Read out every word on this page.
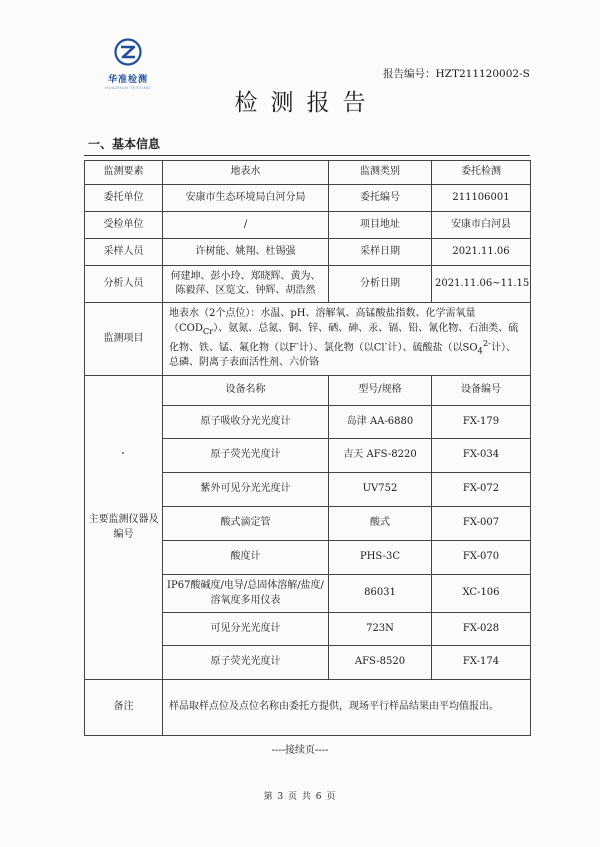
华准检测
HUAZHUN TESTING
报告编号：HZT211120002-S
检测报告
一、基本信息
监测要素	地表水	监测类别	委托检测
委托单位	安康市生态环境局白河分局	委托编号	211106001
受检单位	/	项目地址	安康市白河县
采样人员	许树能、姚翔、杜锡强	采样日期	2021.11.06
分析人员	何建坤、彭小玲、郑晓辉、黄为、陈毅萍、区览文、钟辉、胡浩然	分析日期	2021.11.06~11.15
监测项目	地表水（2个点位）：水温、pH、溶解氧、高锰酸盐指数、化学需氧量$(COD_{Cr})$、氨氮、总氮、铜、锌、硒、砷、汞、镉、铅、氰化物、石油类、硫化物、铁、锰、氟化物（以F-计）、氯化物（以Cl-计）、硫酸盐（以$SO_4^{2-}$计）、总磷、阴离子表面活性剂、六价铬		
主要监测仪器及编号	设备名称	型号/规格	设备编号
	原子吸收分光光度计	岛津 AA-6880	FX-179
	原子荧光光度计	吉天 AFS-8220	FX-034
	紫外可见分光光度计	UV752	FX-072
	酸式滴定管	酸式	FX-007
	酸度计	PHS-3C	FX-070
	IP67酸碱度/电导/总固体溶解/盐度/溶氧度多用仪表	86031	XC-106
	可见分光光度计	723N	FX-028
	原子荧光光度计	AFS-8520	FX-174
备注	样品取样点位及点位名称由委托方提供，现场平行样品结果由平均值报出。		
----接续页----
第 3 页 共 6 页
